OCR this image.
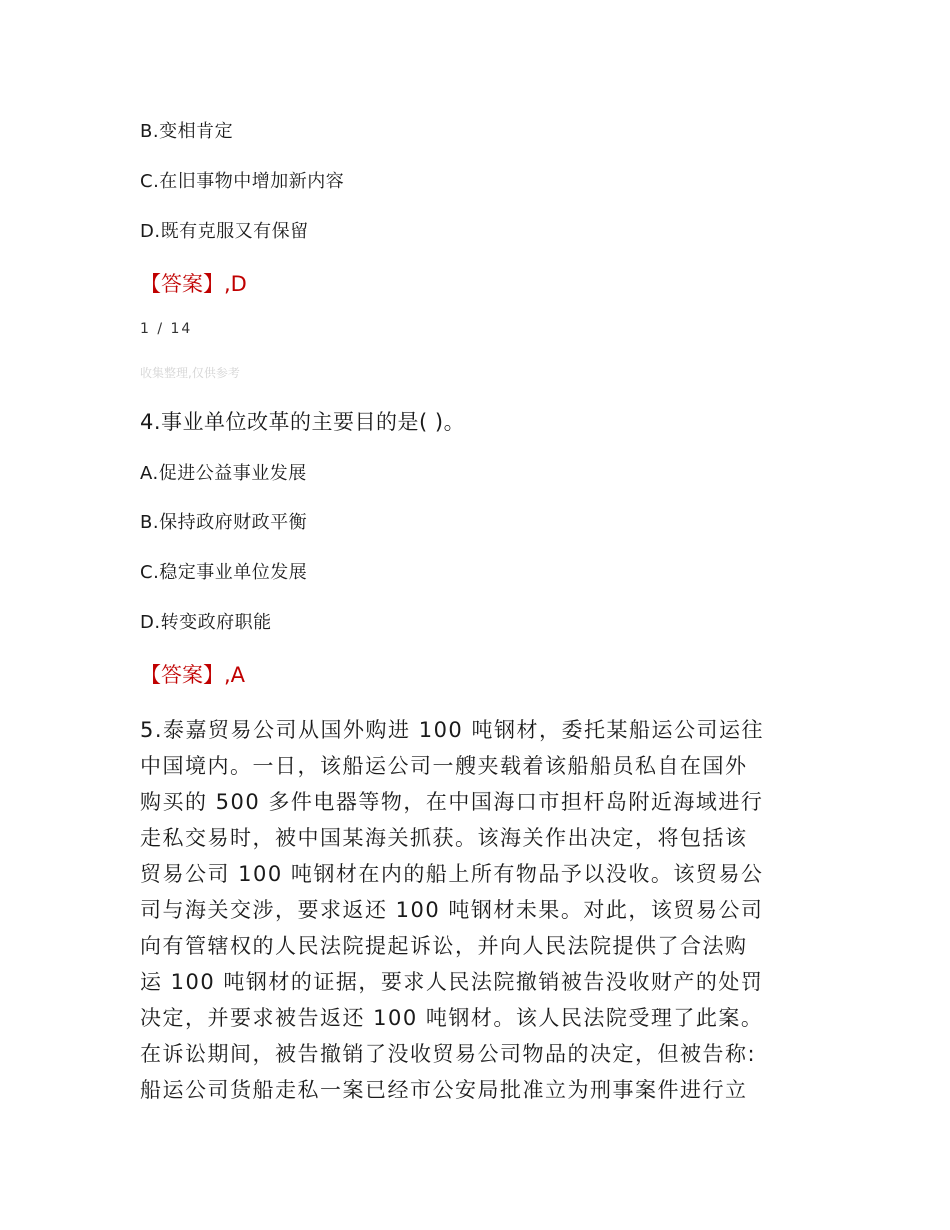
B.变相肯定
C.在旧事物中增加新内容
D.既有克服又有保留
【答案】,D
1 / 14
收集整理,仅供参考
4.事业单位改革的主要目的是( )。
A.促进公益事业发展
B.保持政府财政平衡
C.稳定事业单位发展
D.转变政府职能
【答案】,A
5.泰嘉贸易公司从国外购进 100 吨钢材，委托某船运公司运往
中国境内。一日，该船运公司一艘夹载着该船船员私自在国外
购买的 500 多件电器等物，在中国海口市担杆岛附近海域进行
走私交易时，被中国某海关抓获。该海关作出决定，将包括该
贸易公司 100 吨钢材在内的船上所有物品予以没收。该贸易公
司与海关交涉，要求返还 100 吨钢材未果。对此，该贸易公司
向有管辖权的人民法院提起诉讼，并向人民法院提供了合法购
运 100 吨钢材的证据，要求人民法院撤销被告没收财产的处罚
决定，并要求被告返还 100 吨钢材。该人民法院受理了此案。
在诉讼期间，被告撤销了没收贸易公司物品的决定，但被告称:
船运公司货船走私一案已经市公安局批准立为刑事案件进行立
